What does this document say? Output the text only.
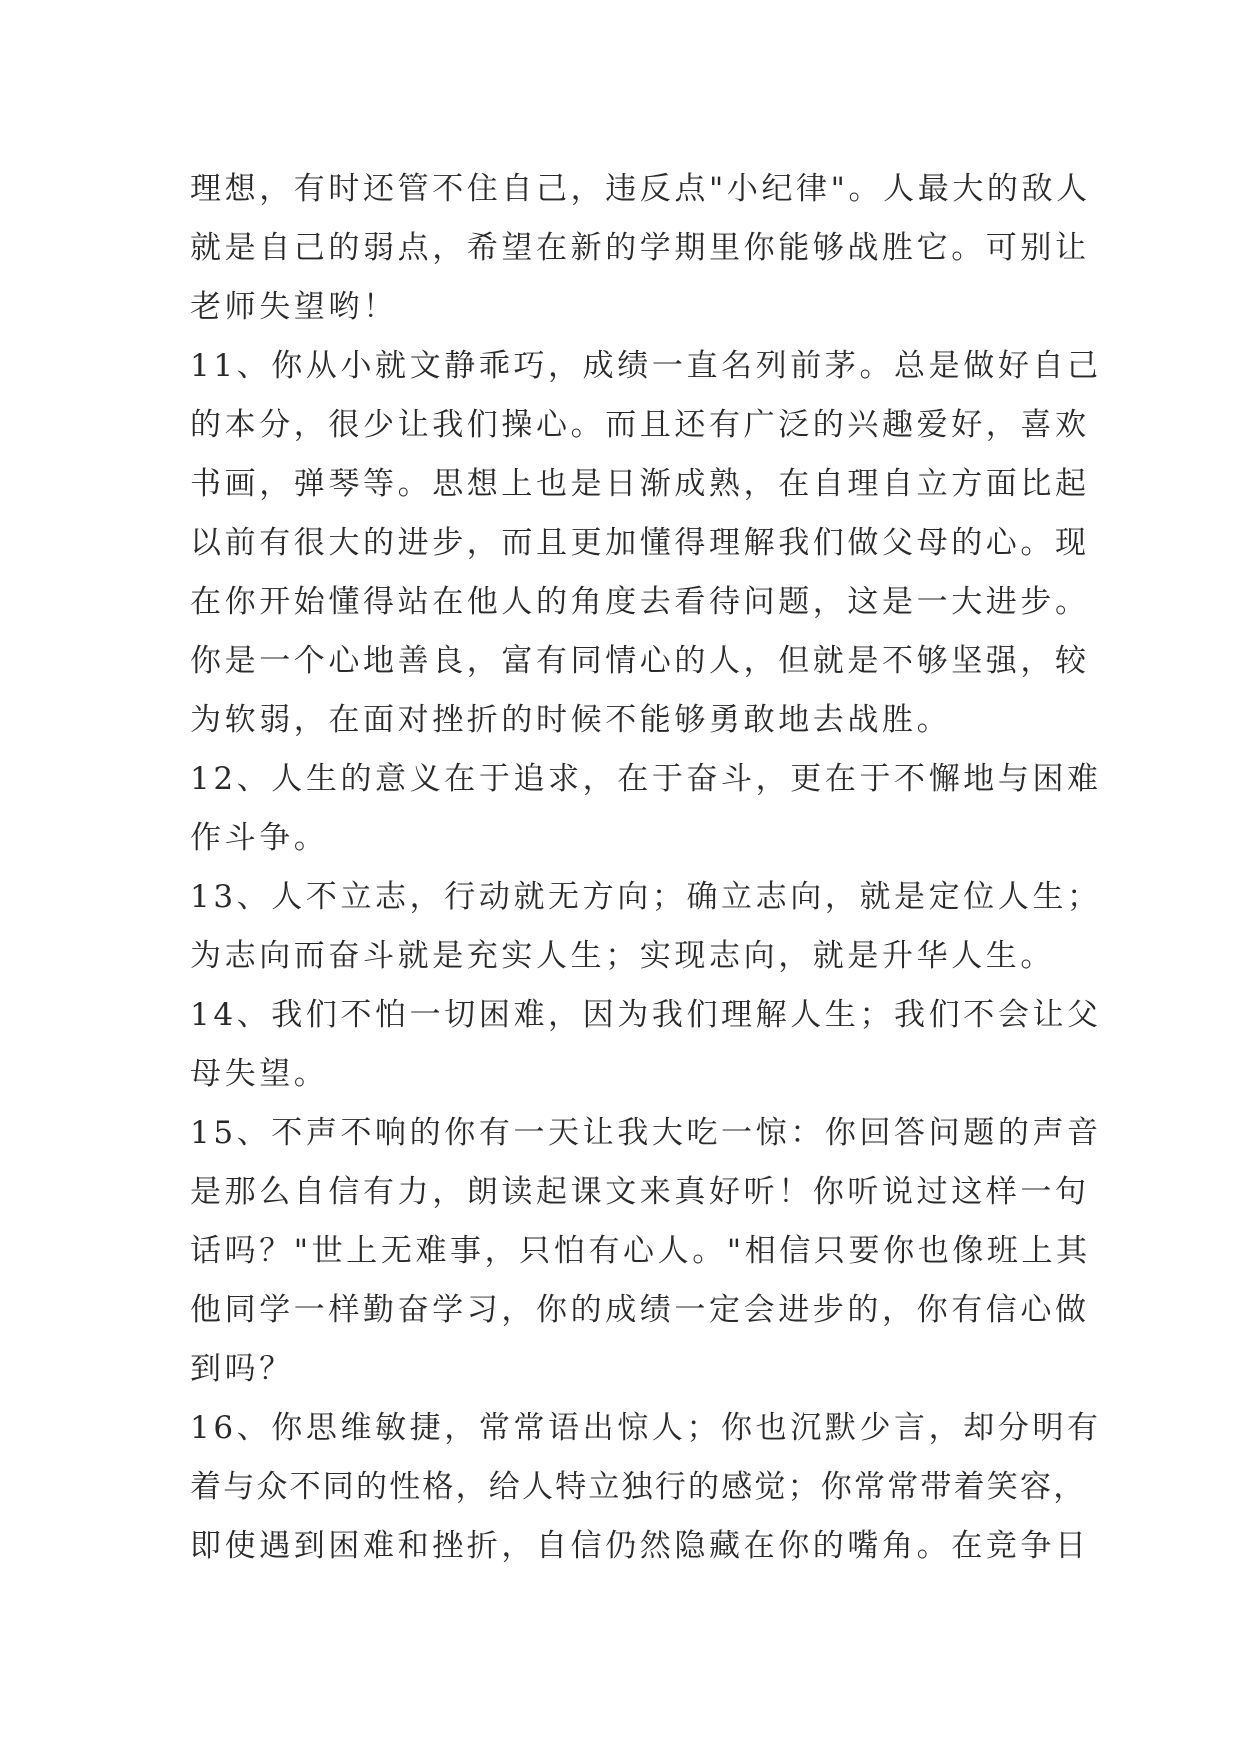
理想，有时还管不住自己，违反点"小纪律"。人最大的敌人
就是自己的弱点，希望在新的学期里你能够战胜它。可别让
老师失望哟！
11、你从小就文静乖巧，成绩一直名列前茅。总是做好自己
的本分，很少让我们操心。而且还有广泛的兴趣爱好，喜欢
书画，弹琴等。思想上也是日渐成熟，在自理自立方面比起
以前有很大的进步，而且更加懂得理解我们做父母的心。现
在你开始懂得站在他人的角度去看待问题，这是一大进步。
你是一个心地善良，富有同情心的人，但就是不够坚强，较
为软弱，在面对挫折的时候不能够勇敢地去战胜。
12、人生的意义在于追求，在于奋斗，更在于不懈地与困难
作斗争。
13、人不立志，行动就无方向；确立志向，就是定位人生；
为志向而奋斗就是充实人生；实现志向，就是升华人生。
14、我们不怕一切困难，因为我们理解人生；我们不会让父
母失望。
15、不声不响的你有一天让我大吃一惊：你回答问题的声音
是那么自信有力，朗读起课文来真好听！你听说过这样一句
话吗？"世上无难事，只怕有心人。"相信只要你也像班上其
他同学一样勤奋学习，你的成绩一定会进步的，你有信心做
到吗？
16、你思维敏捷，常常语出惊人；你也沉默少言，却分明有
着与众不同的性格，给人特立独行的感觉；你常常带着笑容，
即使遇到困难和挫折，自信仍然隐藏在你的嘴角。在竞争日
